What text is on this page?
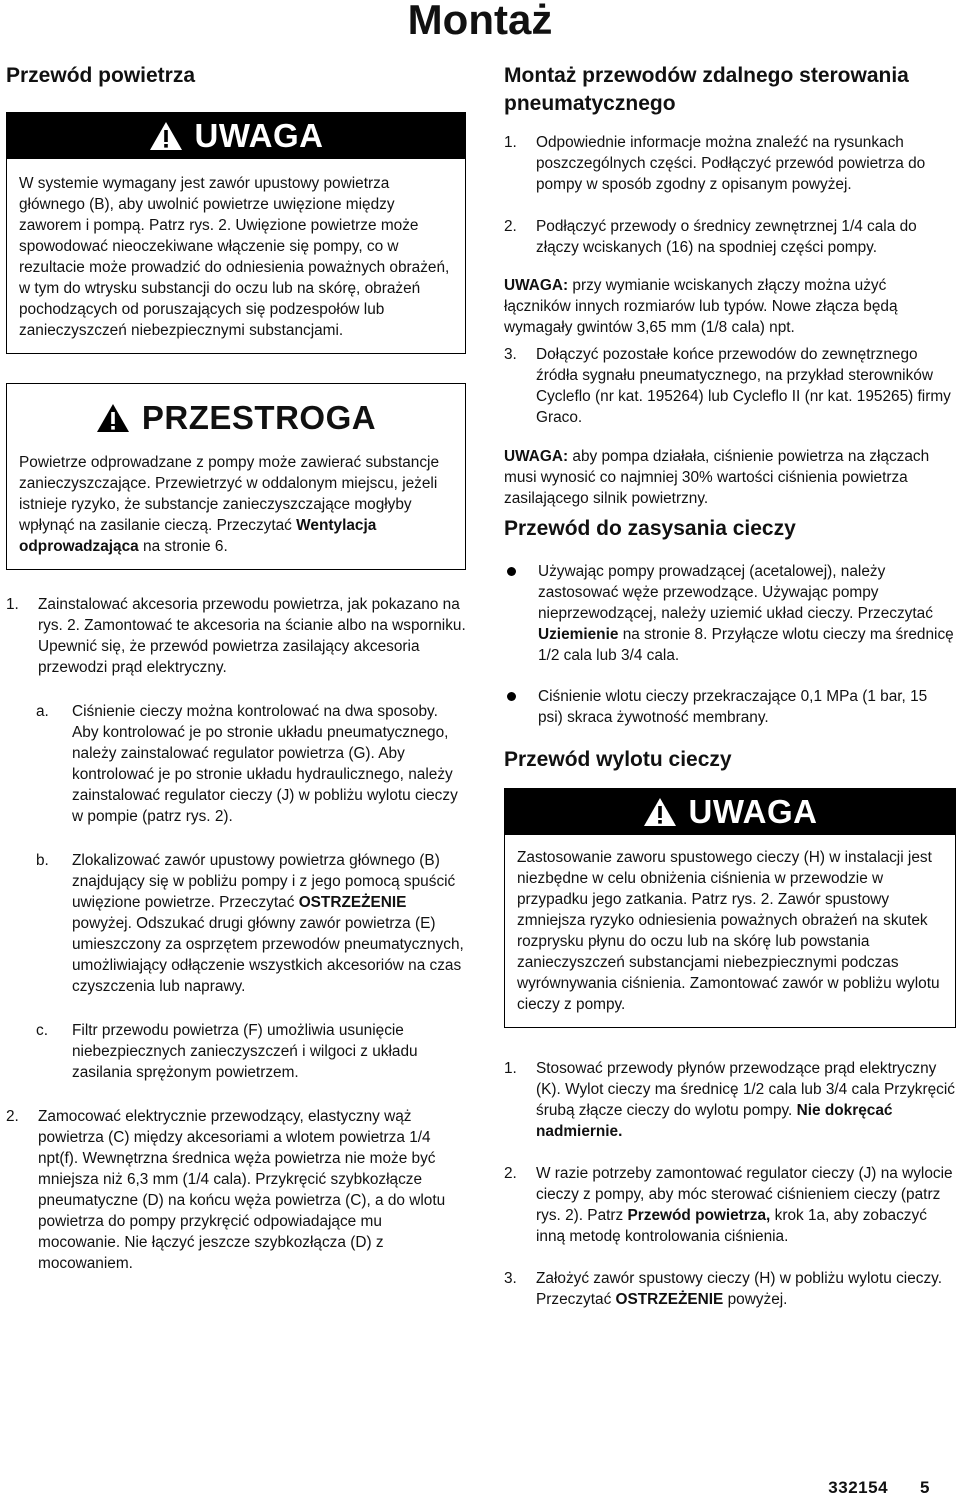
Montaż
Przewód powietrza
UWAGA

W systemie wymagany jest zawór upustowy powietrza głównego (B), aby uwolnić powietrze uwięzione między zaworem i pompą. Patrz rys. 2. Uwięzione powietrze może spowodować nieoczekiwane włączenie się pompy, co w rezultacie może prowadzić do odniesienia poważnych obrażeń, w tym do wtrysku substancji do oczu lub na skórę, obrażeń pochodzących od poruszających się podzespołów lub zanieczyszczeń niebezpiecznymi substancjami.

PRZESTROGA

Powietrze odprowadzane z pompy może zawierać substancje zanieczyszczające. Przewietrzyć w oddalonym miejscu, jeżeli istnieje ryzyko, że substancje zanieczyszczające mogłyby wpłynąć na zasilanie cieczą. Przeczytać Wentylacja odprowadzająca na stronie 6.

1.	Zainstalować akcesoria przewodu powietrza, jak pokazano na rys. 2. Zamontować te akcesoria na ścianie albo na wsporniku. Upewnić się, że przewód powietrza zasilający akcesoria przewodzi prąd elektryczny.

a.	Ciśnienie cieczy można kontrolować na dwa sposoby. Aby kontrolować je po stronie układu pneumatycznego, należy zainstalować regulator powietrza (G). Aby kontrolować je po stronie układu hydraulicznego, należy zainstalować regulator cieczy (J) w pobliżu wylotu cieczy w pompie (patrz rys. 2).

b.	Zlokalizować zawór upustowy powietrza głównego (B) znajdujący się w pobliżu pompy i z jego pomocą spuścić uwięzione powietrze. Przeczytać OSTRZEŻENIE powyżej. Odszukać drugi główny zawór powietrza (E) umieszczony za osprzętem przewodów pneumatycznych, umożliwiający odłączenie wszystkich akcesoriów na czas czyszczenia lub naprawy.

c.	Filtr przewodu powietrza (F) umożliwia usunięcie niebezpiecznych zanieczyszczeń i wilgoci z układu zasilania sprężonym powietrzem.

2.	Zamocować elektrycznie przewodzący, elastyczny wąż powietrza (C) między akcesoriami a wlotem powietrza 1/4 npt(f). Wewnętrzna średnica węża powietrza nie może być mniejsza niż 6,3 mm (1/4 cala). Przykręcić szybkozłącze pneumatyczne (D) na końcu węża powietrza (C), a do wlotu powietrza do pompy przykręcić odpowiadające mu mocowanie. Nie łączyć jeszcze szybkozłącza (D) z mocowaniem.

Montaż przewodów zdalnego sterowania pneumatycznego
1.	Odpowiednie informacje można znaleźć na rysunkach poszczególnych części. Podłączyć przewód powietrza do pompy w sposób zgodny z opisanym powyżej.

2.	Podłączyć przewody o średnicy zewnętrznej 1/4 cala do złączy wciskanych (16) na spodniej części pompy.

UWAGA: przy wymianie wciskanych złączy można użyć łączników innych rozmiarów lub typów. Nowe złącza będą wymagały gwintów 3,65 mm (1/8 cala) npt.

3.	Dołączyć pozostałe końce przewodów do zewnętrznego źródła sygnału pneumatycznego, na przykład sterowników Cycleflo (nr kat. 195264) lub Cycleflo II (nr kat. 195265) firmy Graco.

UWAGA: aby pompa działała, ciśnienie powietrza na złączach musi wynosić co najmniej 30% wartości ciśnienia powietrza zasilającego silnik powietrzny.

Przewód do zasysania cieczy

Używając pompy prowadzącej (acetalowej), należy zastosować węże przewodzące. Używając pompy nieprzewodzącej, należy uziemić układ cieczy. Przeczytać Uziemienie na stronie 8. Przyłącze wlotu cieczy ma średnicę 1/2 cala lub 3/4 cala.

Ciśnienie wlotu cieczy przekraczające 0,1 MPa (1 bar, 15 psi) skraca żywotność membrany.

Przewód wylotu cieczy
UWAGA

Zastosowanie zaworu spustowego cieczy (H) w instalacji jest niezbędne w celu obniżenia ciśnienia w przewodzie w przypadku jego zatkania. Patrz rys. 2. Zawór spustowy zmniejsza ryzyko odniesienia poważnych obrażeń na skutek rozprysku płynu do oczu lub na skórę lub powstania zanieczyszczeń substancjami niebezpiecznymi podczas wyrównywania ciśnienia. Zamontować zawór w pobliżu wylotu cieczy z pompy.

1.	Stosować przewody płynów przewodzące prąd elektryczny (K). Wylot cieczy ma średnicę 1/2 cala lub 3/4 cala Przykręcić śrubą złącze cieczy do wylotu pompy. Nie dokręcać nadmiernie.

2.	W razie potrzeby zamontować regulator cieczy (J) na wylocie cieczy z pompy, aby móc sterować ciśnieniem cieczy (patrz rys. 2). Patrz Przewód powietrza, krok 1a, aby zobaczyć inną metodę kontrolowania ciśnienia.

3.	Założyć zawór spustowy cieczy (H) w pobliżu wylotu cieczy. Przeczytać OSTRZEŻENIE powyżej.

332154 5
